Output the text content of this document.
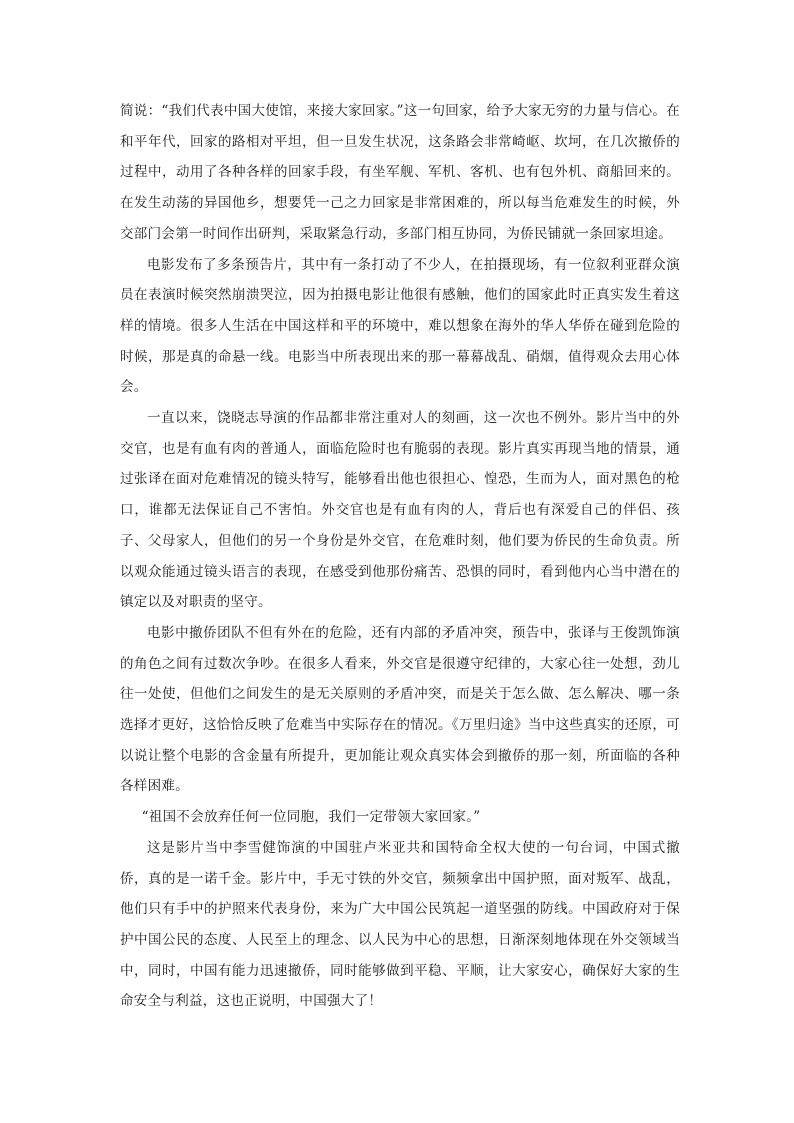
简说：“我们代表中国大使馆，来接大家回家。”这一句回家，给予大家无穷的力量与信心。在和平年代，回家的路相对平坦，但一旦发生状况，这条路会非常崎岖、坎坷，在几次撤侨的过程中，动用了各种各样的回家手段，有坐军舰、军机、客机、也有包外机、商船回来的。在发生动荡的异国他乡，想要凭一己之力回家是非常困难的，所以每当危难发生的时候，外交部门会第一时间作出研判，采取紧急行动，多部门相互协同，为侨民铺就一条回家坦途。

电影发布了多条预告片，其中有一条打动了不少人，在拍摄现场，有一位叙利亚群众演员在表演时候突然崩溃哭泣，因为拍摄电影让他很有感触，他们的国家此时正真实发生着这样的情境。很多人生活在中国这样和平的环境中，难以想象在海外的华人华侨在碰到危险的时候，那是真的命悬一线。电影当中所表现出来的那一幕幕战乱、硝烟，值得观众去用心体会。

一直以来，饶晓志导演的作品都非常注重对人的刻画，这一次也不例外。影片当中的外交官，也是有血有肉的普通人，面临危险时也有脆弱的表现。影片真实再现当地的情景，通过张译在面对危难情况的镜头特写，能够看出他也很担心、惶恐，生而为人，面对黑色的枪口，谁都无法保证自己不害怕。外交官也是有血有肉的人，背后也有深爱自己的伴侣、孩子、父母家人，但他们的另一个身份是外交官，在危难时刻，他们要为侨民的生命负责。所以观众能通过镜头语言的表现，在感受到他那份痛苦、恐惧的同时，看到他内心当中潜在的镇定以及对职责的坚守。

电影中撤侨团队不但有外在的危险，还有内部的矛盾冲突，预告中，张译与王俊凯饰演的角色之间有过数次争吵。在很多人看来，外交官是很遵守纪律的，大家心往一处想，劲儿往一处使，但他们之间发生的是无关原则的矛盾冲突，而是关于怎么做、怎么解决、哪一条选择才更好，这恰恰反映了危难当中实际存在的情况。《万里归途》当中这些真实的还原，可以说让整个电影的含金量有所提升，更加能让观众真实体会到撤侨的那一刻，所面临的各种各样困难。

“祖国不会放弃任何一位同胞，我们一定带领大家回家。”

这是影片当中李雪健饰演的中国驻卢米亚共和国特命全权大使的一句台词，中国式撤侨，真的是一诺千金。影片中，手无寸铁的外交官，频频拿出中国护照，面对叛军、战乱，他们只有手中的护照来代表身份，来为广大中国公民筑起一道坚强的防线。中国政府对于保护中国公民的态度、人民至上的理念、以人民为中心的思想，日渐深刻地体现在外交领域当中，同时，中国有能力迅速撤侨，同时能够做到平稳、平顺，让大家安心，确保好大家的生命安全与利益，这也正说明，中国强大了！
